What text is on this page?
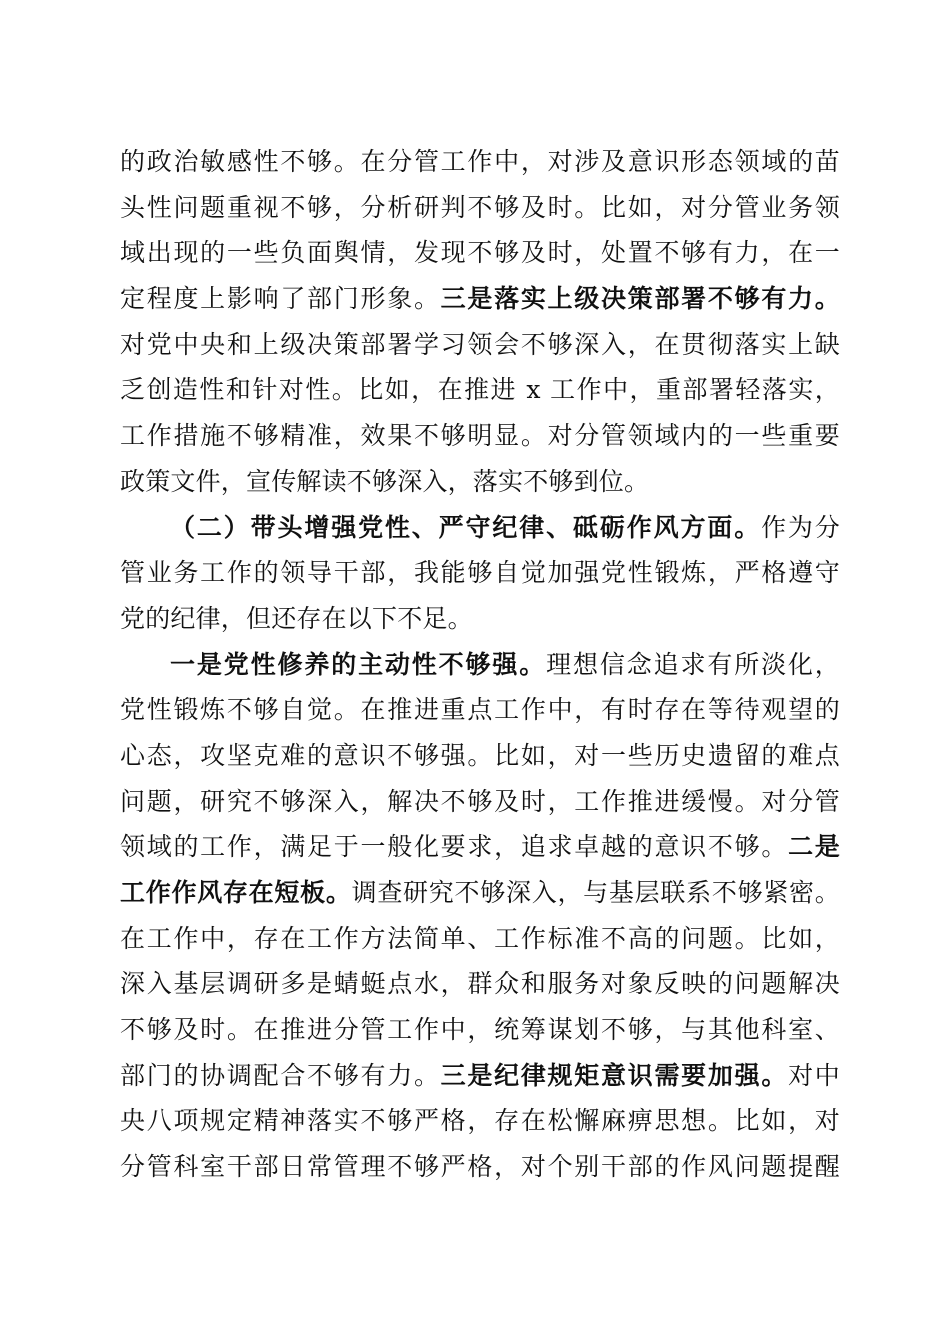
的政治敏感性不够。在分管工作中，对涉及意识形态领域的苗
头性问题重视不够，分析研判不够及时。比如，对分管业务领
域出现的一些负面舆情，发现不够及时，处置不够有力，在一
定程度上影响了部门形象。三是落实上级决策部署不够有力。
对党中央和上级决策部署学习领会不够深入，在贯彻落实上缺
乏创造性和针对性。比如，在推进 x 工作中，重部署轻落实，
工作措施不够精准，效果不够明显。对分管领域内的一些重要
政策文件，宣传解读不够深入，落实不够到位。
（二）带头增强党性、严守纪律、砥砺作风方面。作为分
管业务工作的领导干部，我能够自觉加强党性锻炼，严格遵守
党的纪律，但还存在以下不足。
一是党性修养的主动性不够强。理想信念追求有所淡化，
党性锻炼不够自觉。在推进重点工作中，有时存在等待观望的
心态，攻坚克难的意识不够强。比如，对一些历史遗留的难点
问题，研究不够深入，解决不够及时，工作推进缓慢。对分管
领域的工作，满足于一般化要求，追求卓越的意识不够。二是
工作作风存在短板。调查研究不够深入，与基层联系不够紧密。
在工作中，存在工作方法简单、工作标准不高的问题。比如，
深入基层调研多是蜻蜓点水，群众和服务对象反映的问题解决
不够及时。在推进分管工作中，统筹谋划不够，与其他科室、
部门的协调配合不够有力。三是纪律规矩意识需要加强。对中
央八项规定精神落实不够严格，存在松懈麻痹思想。比如，对
分管科室干部日常管理不够严格，对个别干部的作风问题提醒
